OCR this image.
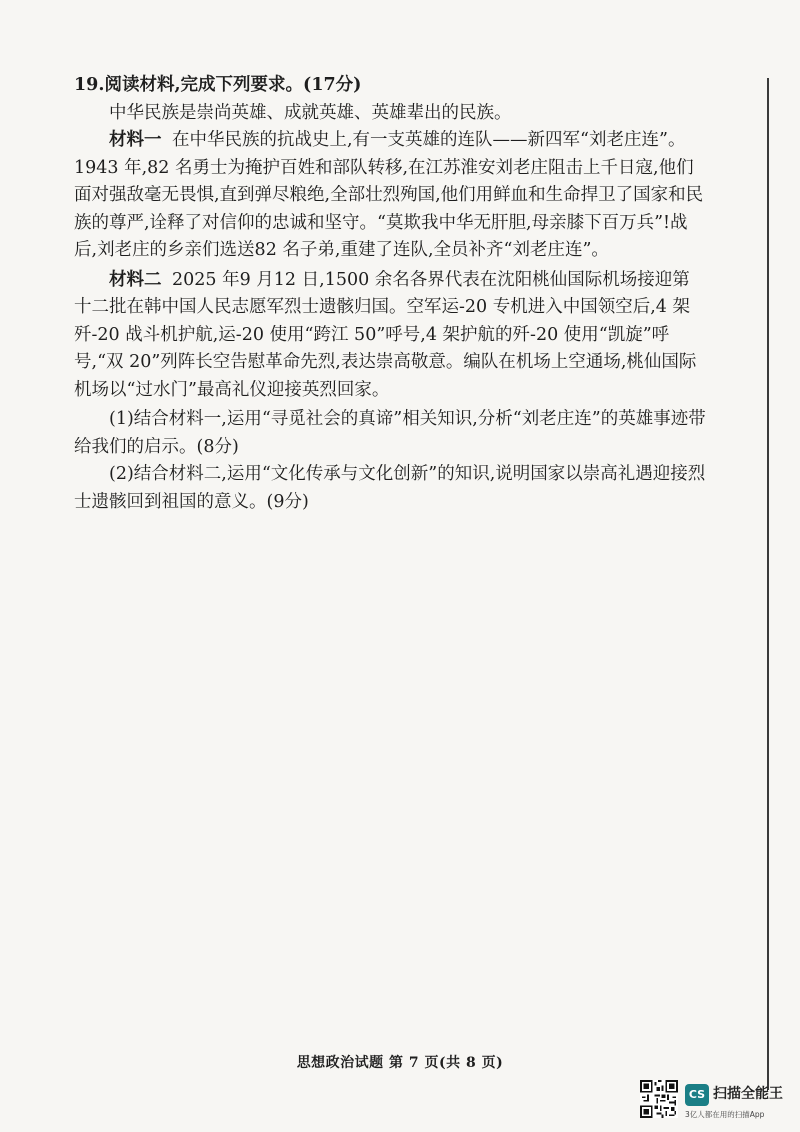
19.阅读材料,完成下列要求。(17分)

中华民族是崇尚英雄、成就英雄、英雄辈出的民族。

材料一 在中华民族的抗战史上,有一支英雄的连队——新四军“刘老庄连”。1943 年,82 名勇士为掩护百姓和部队转移,在江苏淮安刘老庄阻击上千日寇,他们面对强敌毫无畏惧,直到弹尽粮绝,全部壮烈殉国,他们用鲜血和生命捍卫了国家和民族的尊严,诠释了对信仰的忠诚和坚守。“莫欺我中华无肝胆,母亲膝下百万兵”!战后,刘老庄的乡亲们选送82 名子弟,重建了连队,全员补齐“刘老庄连”。

材料二 2025 年9 月12 日,1500 余名各界代表在沈阳桃仙国际机场接迎第十二批在韩中国人民志愿军烈士遗骸归国。空军运-20 专机进入中国领空后,4 架歼-20 战斗机护航,运-20 使用“跨江 50”呼号,4 架护航的歼-20 使用“凯旋”呼号,“双 20”列阵长空告慰革命先烈,表达崇高敬意。编队在机场上空通场,桃仙国际机场以“过水门”最高礼仪迎接英烈回家。

(1)结合材料一,运用“寻觅社会的真谛”相关知识,分析“刘老庄连”的英雄事迹带给我们的启示。(8分)

(2)结合材料二,运用“文化传承与文化创新”的知识,说明国家以崇高礼遇迎接烈士遗骸回到祖国的意义。(9分)

思想政治试题 第 7 页(共 8 页)
CS 扫描全能王
3亿人都在用的扫描App
